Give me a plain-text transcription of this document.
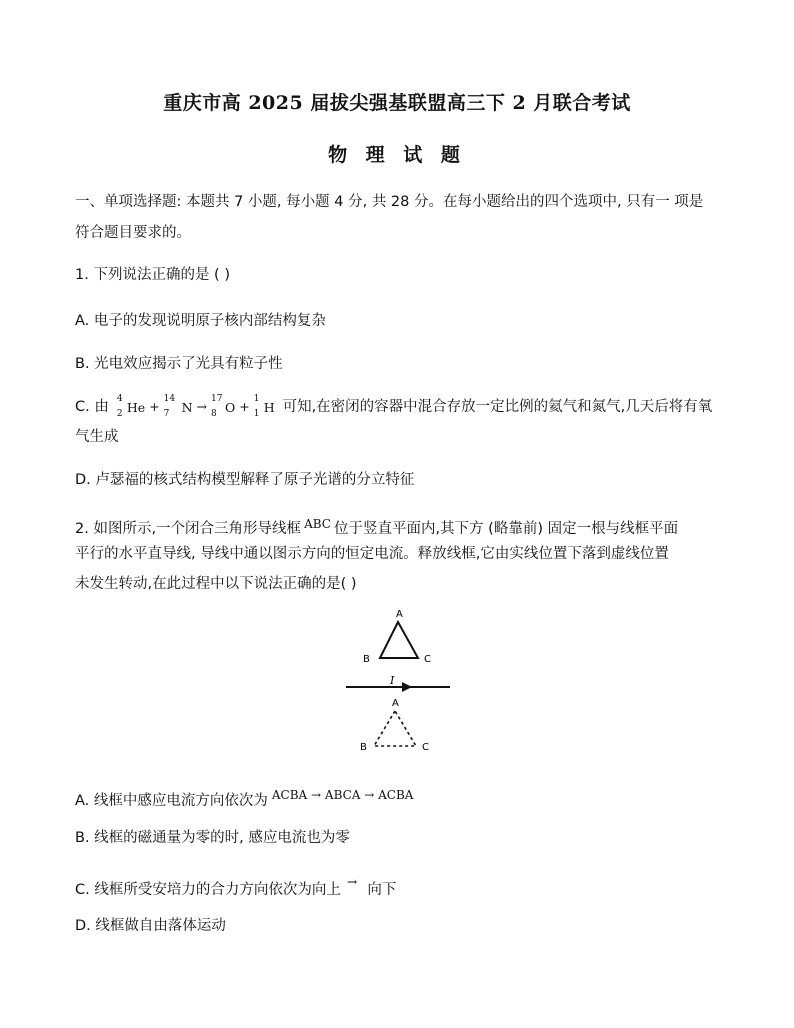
重庆市高 2025 届拔尖强基联盟高三下 2 月联合考试
物 理 试 题
一、单项选择题: 本题共 7 小题, 每小题 4 分, 共 28 分。在每小题给出的四个选项中, 只有一 项是
符合题目要求的。
1. 下列说法正确的是 ( )
A. 电子的发现说明原子核内部结构复杂
B. 光电效应揭示了光具有粒子性
C. 由
4
2 He +
14
7 N →
17
8 O +
1
1 H 可知,在密闭的容器中混合存放一定比例的氦气和氮气,几天后将有氧
气生成
D. 卢瑟福的核式结构模型解释了原子光谱的分立特征
2. 如图所示,一个闭合三角形导线框 $^{ABC}$ 位于竖直平面内,其下方 (略靠前) 固定一根与线框平面
平行的水平直导线, 导线中通以图示方向的恒定电流。释放线框,它由实线位置下落到虚线位置
未发生转动,在此过程中以下说法正确的是( )
A
B	C
I
A
B	C
A. 线框中感应电流方向依次为 $^{ACBA \to ABCA \to ACBA}$
B. 线框的磁通量为零的时, 感应电流也为零
C. 线框所受安培力的合力方向依次为向上→向下
D. 线框做自由落体运动
